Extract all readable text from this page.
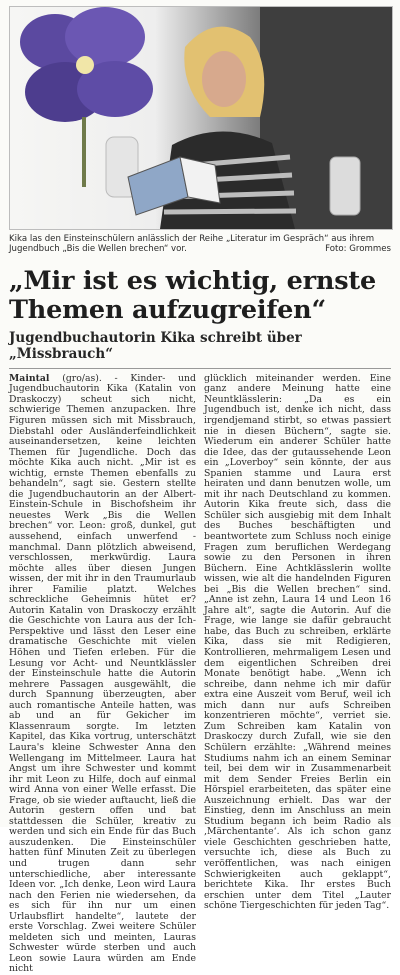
Kika las den Einsteinschülern anlässlich der Reihe „Literatur im Gespräch“ aus ihrem Jugendbuch „Bis die Wellen brechen“ vor.	Foto: Grommes
„Mir ist es wichtig, ernste Themen aufzugreifen“
Jugendbuchautorin Kika schreibt über „Missbrauch“

Maintal (gro/as). - Kinder- und Jugendbuchautorin Kika (Katalin von Draskoczy) scheut sich nicht, schwierige Themen anzupacken. Ihre Figuren müssen sich mit Missbrauch, Diebstahl oder Ausländerfeindlichkeit auseinandersetzen, keine leichten Themen für Jugendliche. Doch das möchte Kika auch nicht. „Mir ist es wichtig, ernste Themen ebenfalls zu behandeln“, sagt sie. Gestern stellte die Jugendbuchautorin an der Albert-Einstein-Schule in Bischofsheim ihr neuestes Werk „Bis die Wellen brechen“ vor. Leon: groß, dunkel, gut aussehend, einfach unwerfend - manchmal. Dann plötzlich abweisend, verschlossen, merkwürdig. Laura möchte alles über diesen Jungen wissen, der mit ihr in den Traumurlaub ihrer Familie platzt. Welches schreckliche Geheimnis hütet er? Autorin Katalin von Draskoczy erzählt die Geschichte von Laura aus der Ich-Perspektive und lässt den Leser eine dramatische Geschichte mit vielen Höhen und Tiefen erleben. Für die Lesung vor Acht- und Neuntklässler der Einsteinschule hatte die Autorin mehrere Passagen ausgewählt, die durch Spannung überzeugten, aber auch romantische Anteile hatten, was ab und an für Gekicher im Klassenraum sorgte. Im letzten Kapitel, das Kika vortrug, unterschätzt Laura's kleine Schwester Anna den Wellengang im Mittelmeer. Laura hat Angst um ihre Schwester und kommt ihr mit Leon zu Hilfe, doch auf einmal wird Anna von einer Welle erfasst. Die Frage, ob sie wieder auftaucht, ließ die Autorin gestern offen und bat stattdessen die Schüler, kreativ zu werden und sich ein Ende für das Buch auszudenken. Die Einsteinschüler hatten fünf Minuten Zeit zu überlegen und trugen dann sehr unterschiedliche, aber interessante Ideen vor. „Ich denke, Leon wird Laura nach den Ferien nie wiedersehen, da es sich für ihn nur um einen Urlaubsflirt handelte“, lautete der erste Vorschlag. Zwei weitere Schüler meldeten sich und meinten, Lauras Schwester würde sterben und auch Leon sowie Laura würden am Ende nicht

glücklich miteinander werden. Eine ganz andere Meinung hatte eine Neuntklässlerin: „Da es ein Jugendbuch ist, denke ich nicht, dass irgendjemand stirbt, so etwas passiert nie in diesen Büchern“, sagte sie. Wiederum ein anderer Schüler hatte die Idee, das der gutaussehende Leon ein „Loverboy“ sein könnte, der aus Spanien stamme und Laura erst heiraten und dann benutzen wolle, um mit ihr nach Deutschland zu kommen. Autorin Kika freute sich, dass die Schüler sich ausgiebig mit dem Inhalt des Buches beschäftigten und beantwortete zum Schluss noch einige Fragen zum beruflichen Werdegang sowie zu den Personen in ihren Büchern. Eine Achtklässlerin wollte wissen, wie alt die handelnden Figuren bei „Bis die Wellen brechen“ sind. „Anne ist zehn, Laura 14 und Leon 16 Jahre alt“, sagte die Autorin. Auf die Frage, wie lange sie dafür gebraucht habe, das Buch zu schreiben, erklärte Kika, dass sie mit Redigieren, Kontrollieren, mehrmaligem Lesen und dem eigentlichen Schreiben drei Monate benötigt habe. „Wenn ich schreibe, dann nehme ich mir dafür extra eine Auszeit vom Beruf, weil ich mich dann nur aufs Schreiben konzentrieren möchte“, verriet sie. Zum Schreiben kam Katalin von Draskoczy durch Zufall, wie sie den Schülern erzählte: „Während meines Studiums nahm ich an einem Seminar teil, bei dem wir in Zusammenarbeit mit dem Sender Freies Berlin ein Hörspiel erarbeiteten, das später eine Auszeichnung erhielt. Das war der Einstieg, denn im Anschluss an mein Studium begann ich beim Radio als ‚Märchentante‘. Als ich schon ganz viele Geschichten geschrieben hatte, versuchte ich, diese als Buch zu veröffentlichen, was nach einigen Schwierigkeiten auch geklappt“, berichtete Kika. Ihr erstes Buch erschien unter dem Titel „Lauter schöne Tiergeschichten für jeden Tag“.
